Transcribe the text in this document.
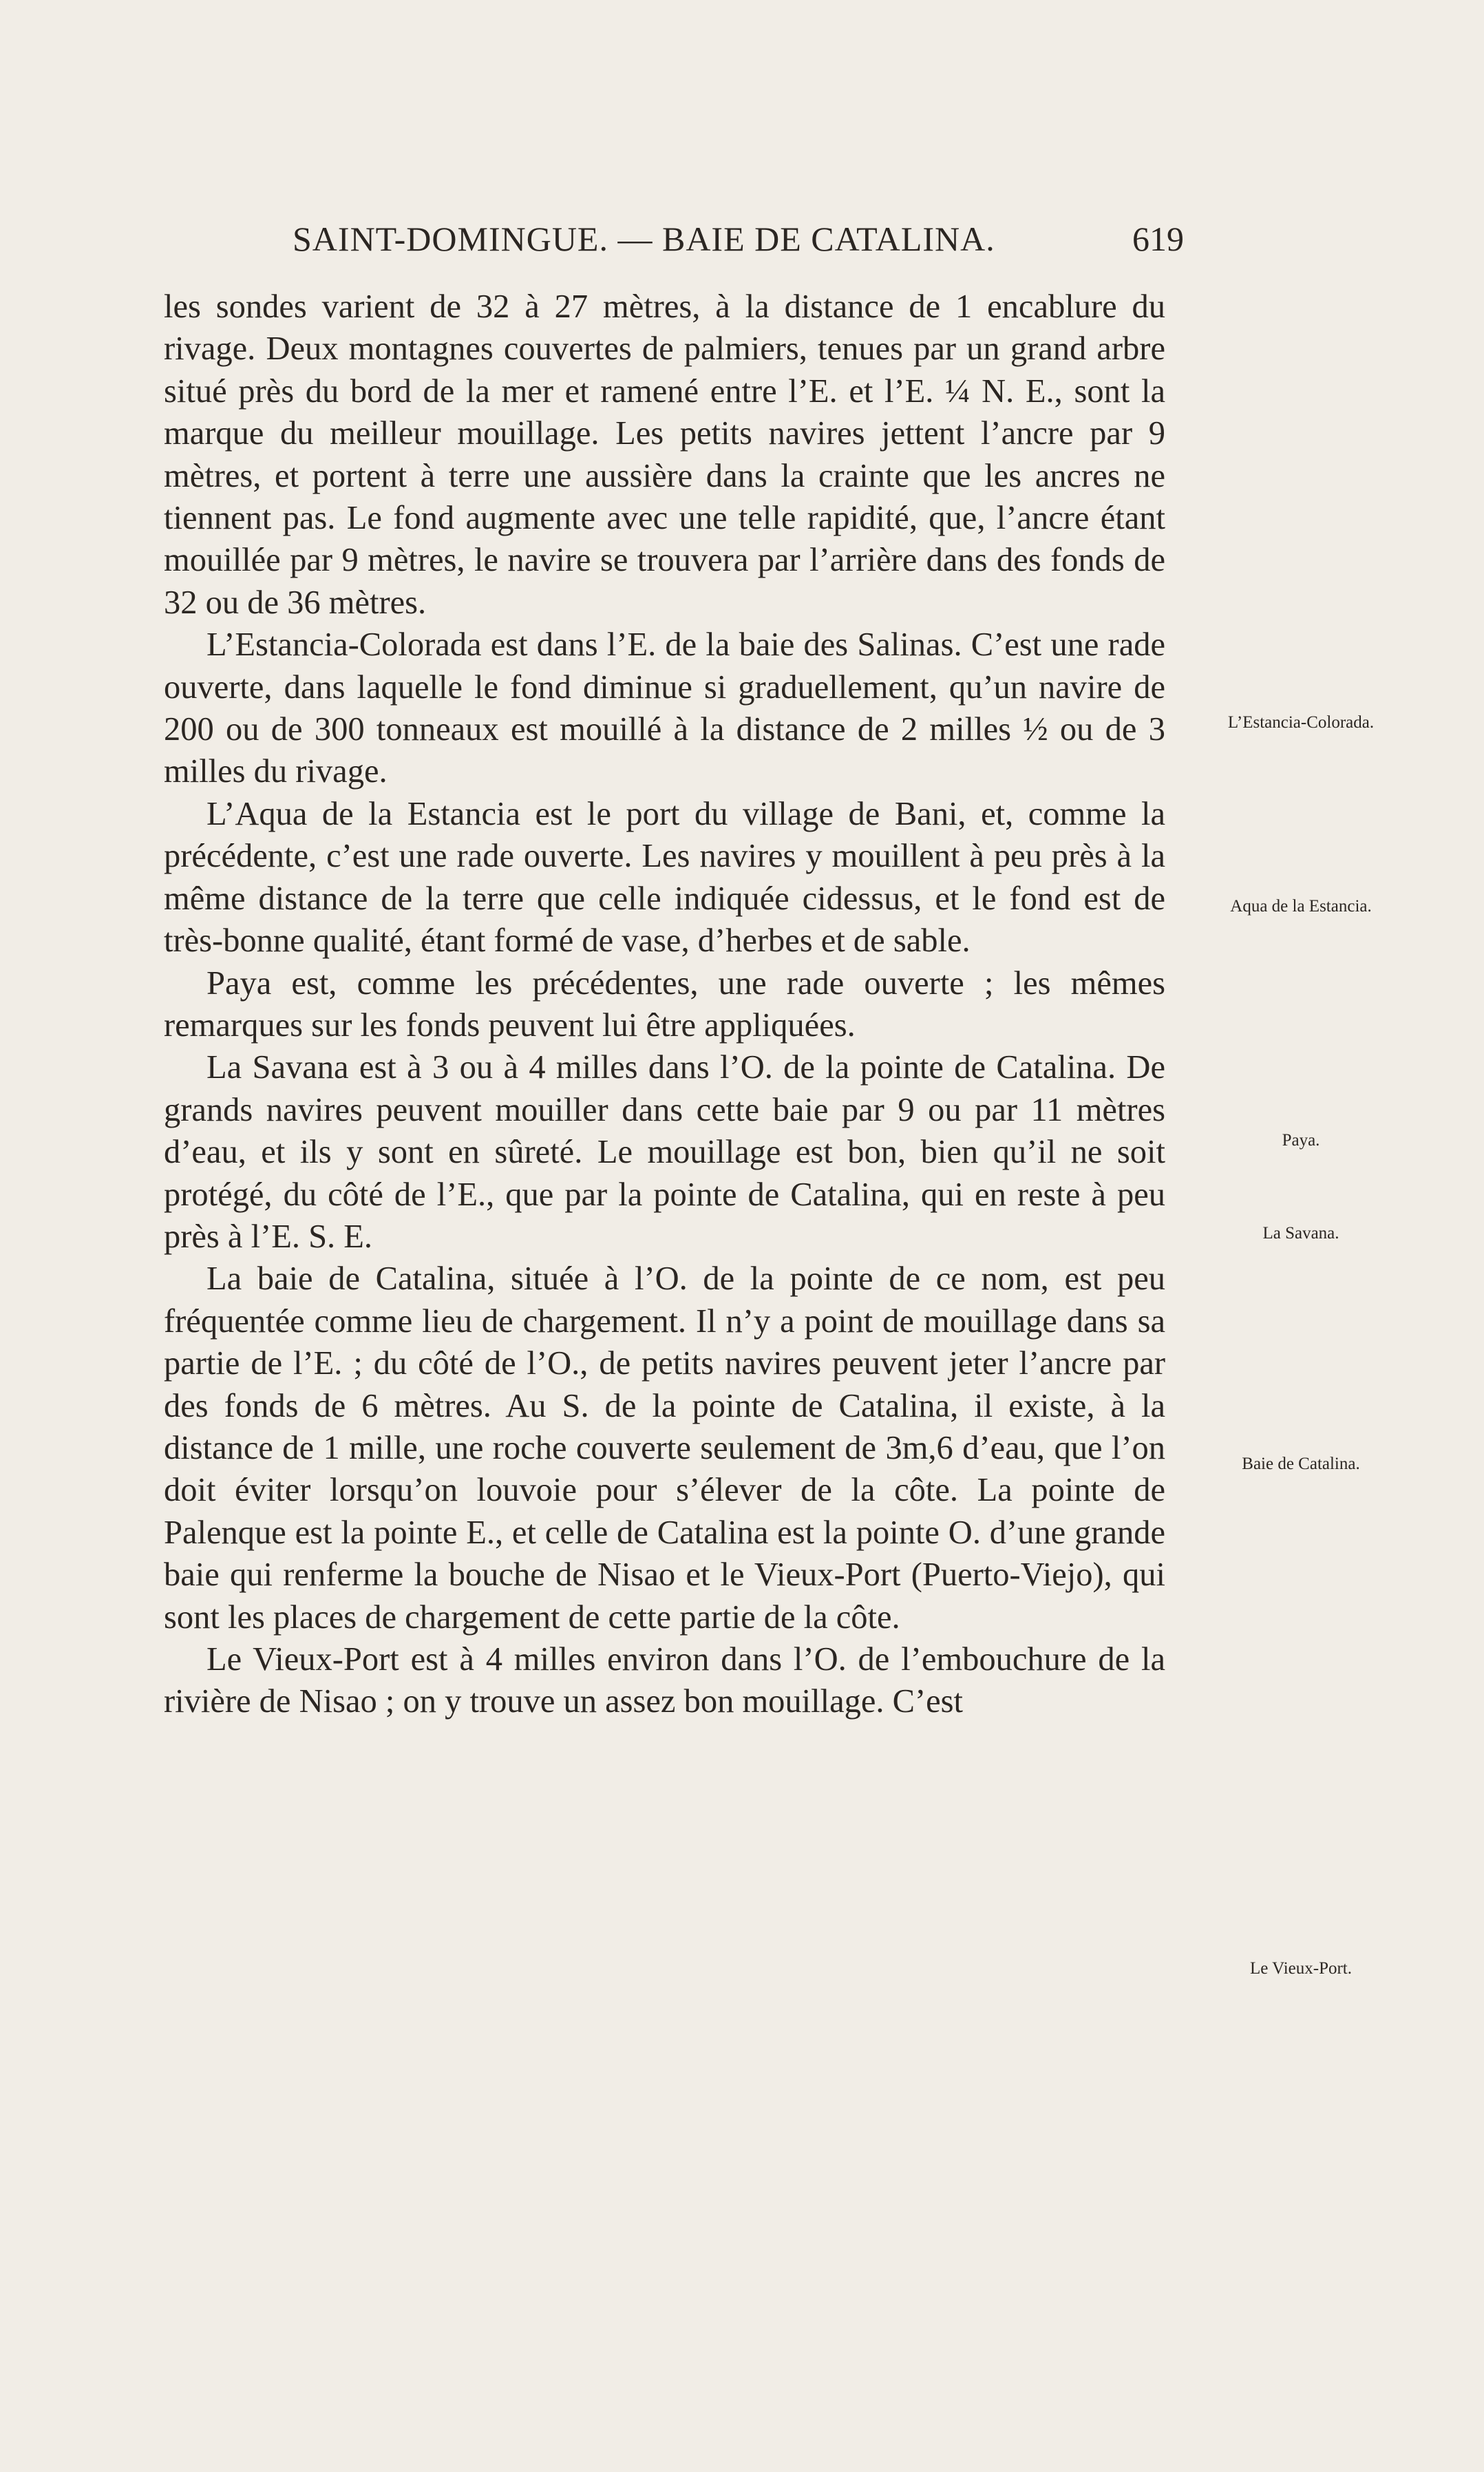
SAINT-DOMINGUE. — BAIE DE CATALINA.	619

les sondes varient de 32 à 27 mètres, à la distance de 1 encablure du rivage. Deux montagnes couvertes de palmiers, tenues par un grand arbre situé près du bord de la mer et ramené entre l’E. et l’E. ¼ N. E., sont la marque du meilleur mouillage. Les petits navires jettent l’ancre par 9 mètres, et portent à terre une aussière dans la crainte que les ancres ne tiennent pas. Le fond augmente avec une telle rapidité, que, l’ancre étant mouillée par 9 mètres, le navire se trouvera par l’arrière dans des fonds de 32 ou de 36 mètres.

L’Estancia-Colorada est dans l’E. de la baie des Salinas. C’est une rade ouverte, dans laquelle le fond diminue si graduellement, qu’un navire de 200 ou de 300 tonneaux est mouillé à la distance de 2 milles ½ ou de 3 milles du rivage.

L’Aqua de la Estancia est le port du village de Bani, et, comme la précédente, c’est une rade ouverte. Les navires y mouillent à peu près à la même distance de la terre que celle indiquée cidessus, et le fond est de très-bonne qualité, étant formé de vase, d’herbes et de sable.

Paya est, comme les précédentes, une rade ouverte ; les mêmes remarques sur les fonds peuvent lui être appliquées.

La Savana est à 3 ou à 4 milles dans l’O. de la pointe de Catalina. De grands navires peuvent mouiller dans cette baie par 9 ou par 11 mètres d’eau, et ils y sont en sûreté. Le mouillage est bon, bien qu’il ne soit protégé, du côté de l’E., que par la pointe de Catalina, qui en reste à peu près à l’E. S. E.

La baie de Catalina, située à l’O. de la pointe de ce nom, est peu fréquentée comme lieu de chargement. Il n’y a point de mouillage dans sa partie de l’E. ; du côté de l’O., de petits navires peuvent jeter l’ancre par des fonds de 6 mètres. Au S. de la pointe de Catalina, il existe, à la distance de 1 mille, une roche couverte seulement de 3m,6 d’eau, que l’on doit éviter lorsqu’on louvoie pour s’élever de la côte. La pointe de Palenque est la pointe E., et celle de Catalina est la pointe O. d’une grande baie qui renferme la bouche de Nisao et le Vieux-Port (Puerto-Viejo), qui sont les places de chargement de cette partie de la côte.

Le Vieux-Port est à 4 milles environ dans l’O. de l’embouchure de la rivière de Nisao ; on y trouve un assez bon mouillage. C’est

L’Estancia-Colorada.
Aqua de la Estancia.
Paya.
La Savana.
Baie de Catalina.
Le Vieux-Port.
